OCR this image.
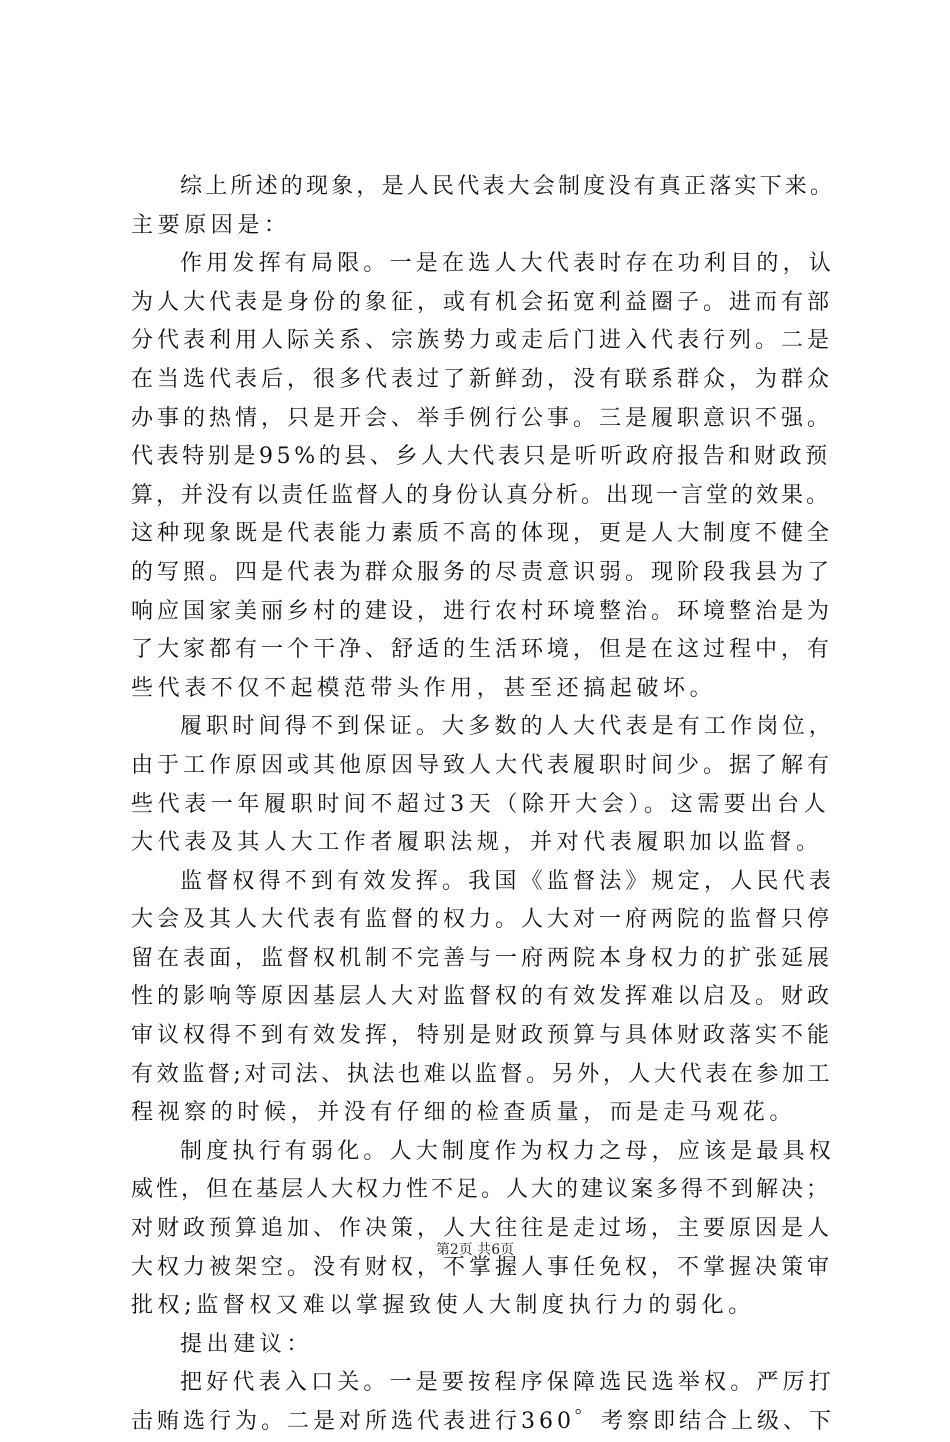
综上所述的现象，是人民代表大会制度没有真正落实下来。
主要原因是：
作用发挥有局限。一是在选人大代表时存在功利目的，认
为人大代表是身份的象征，或有机会拓宽利益圈子。进而有部
分代表利用人际关系、宗族势力或走后门进入代表行列。二是
在当选代表后，很多代表过了新鲜劲，没有联系群众，为群众
办事的热情，只是开会、举手例行公事。三是履职意识不强。
代表特别是95%的县、乡人大代表只是听听政府报告和财政预
算，并没有以责任监督人的身份认真分析。出现一言堂的效果。
这种现象既是代表能力素质不高的体现，更是人大制度不健全
的写照。四是代表为群众服务的尽责意识弱。现阶段我县为了
响应国家美丽乡村的建设，进行农村环境整治。环境整治是为
了大家都有一个干净、舒适的生活环境，但是在这过程中，有
些代表不仅不起模范带头作用，甚至还搞起破坏。
履职时间得不到保证。大多数的人大代表是有工作岗位，
由于工作原因或其他原因导致人大代表履职时间少。据了解有
些代表一年履职时间不超过3天（除开大会）。这需要出台人
大代表及其人大工作者履职法规，并对代表履职加以监督。
监督权得不到有效发挥。我国《监督法》规定，人民代表
大会及其人大代表有监督的权力。人大对一府两院的监督只停
留在表面，监督权机制不完善与一府两院本身权力的扩张延展
性的影响等原因基层人大对监督权的有效发挥难以启及。财政
审议权得不到有效发挥，特别是财政预算与具体财政落实不能
有效监督;对司法、执法也难以监督。另外，人大代表在参加工
程视察的时候，并没有仔细的检查质量，而是走马观花。
制度执行有弱化。人大制度作为权力之母，应该是最具权
威性，但在基层人大权力性不足。人大的建议案多得不到解决；
对财政预算追加、作决策，人大往往是走过场，主要原因是人
大权力被架空。没有财权，不掌握人事任免权，不掌握决策审
批权;监督权又难以掌握致使人大制度执行力的弱化。
提出建议：
把好代表入口关。一是要按程序保障选民选举权。严厉打
击贿选行为。二是对所选代表进行360゜考察即结合上级、下
第2页 共6页
